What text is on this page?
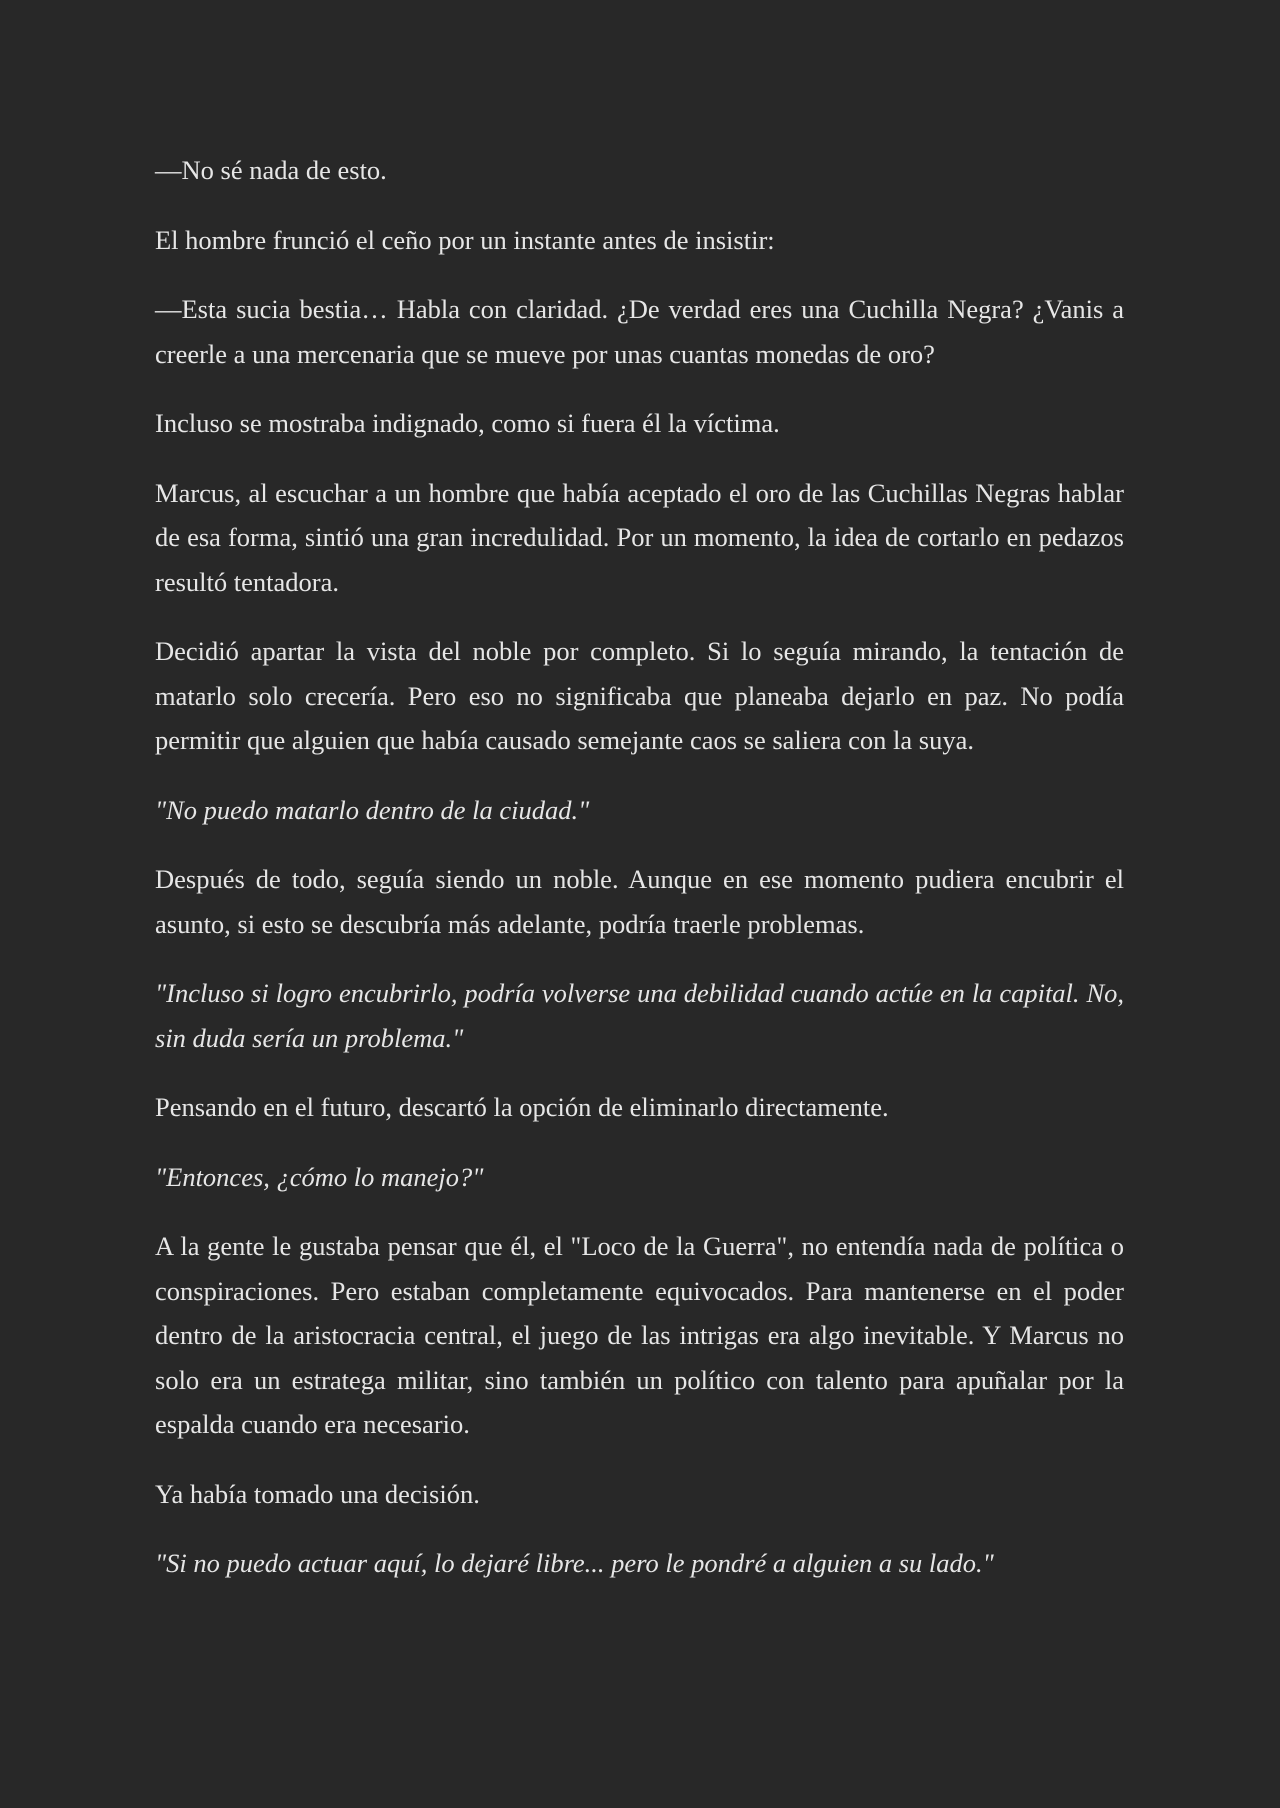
—No sé nada de esto.

El hombre frunció el ceño por un instante antes de insistir:

—Esta sucia bestia… Habla con claridad. ¿De verdad eres una Cuchilla Negra? ¿Vanis a creerle a una mercenaria que se mueve por unas cuantas monedas de oro?

Incluso se mostraba indignado, como si fuera él la víctima.

Marcus, al escuchar a un hombre que había aceptado el oro de las Cuchillas Negras hablar de esa forma, sintió una gran incredulidad. Por un momento, la idea de cortarlo en pedazos resultó tentadora.

Decidió apartar la vista del noble por completo. Si lo seguía mirando, la tentación de matarlo solo crecería. Pero eso no significaba que planeaba dejarlo en paz. No podía permitir que alguien que había causado semejante caos se saliera con la suya.

"No puedo matarlo dentro de la ciudad."

Después de todo, seguía siendo un noble. Aunque en ese momento pudiera encubrir el asunto, si esto se descubría más adelante, podría traerle problemas.

"Incluso si logro encubrirlo, podría volverse una debilidad cuando actúe en la capital. No, sin duda sería un problema."

Pensando en el futuro, descartó la opción de eliminarlo directamente.

"Entonces, ¿cómo lo manejo?"

A la gente le gustaba pensar que él, el "Loco de la Guerra", no entendía nada de política o conspiraciones. Pero estaban completamente equivocados. Para mantenerse en el poder dentro de la aristocracia central, el juego de las intrigas era algo inevitable. Y Marcus no solo era un estratega militar, sino también un político con talento para apuñalar por la espalda cuando era necesario.

Ya había tomado una decisión.

"Si no puedo actuar aquí, lo dejaré libre... pero le pondré a alguien a su lado."
